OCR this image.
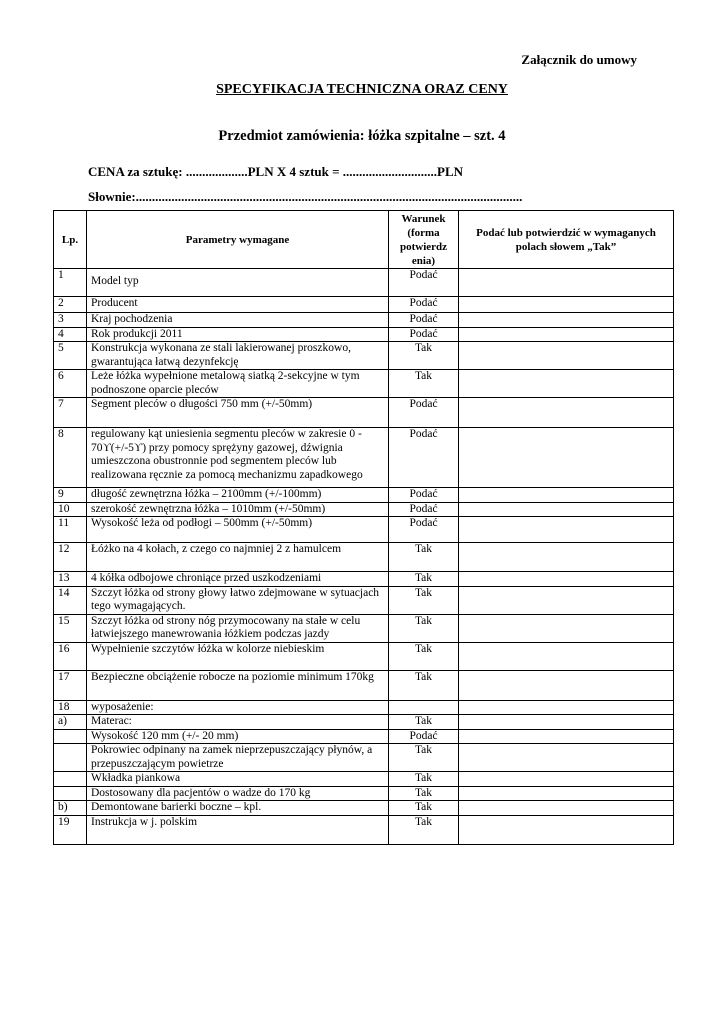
Załącznik do umowy
SPECYFIKACJA TECHNICZNA ORAZ CENY
Przedmiot zamówienia: łóżka szpitalne – szt. 4
CENA za sztukę: ...................PLN X 4 sztuk = .............................PLN
Słownie:.......................................................................................................................
Lp.	Parametry wymagane	Warunek (forma potwierdz enia)	Podać lub potwierdzić w wymaganych polach słowem „Tak”
1	Model typ	Podać	
2	Producent	Podać	
3	Kraj pochodzenia	Podać	
4	Rok produkcji 2011	Podać	
5	Konstrukcja wykonana ze stali lakierowanej proszkowo, gwarantująca łatwą dezynfekcję	Tak	
6	Leże łóżka wypełnione metalową siatką 2-sekcyjne w tym podnoszone oparcie pleców	Tak	
7	Segment pleców o długości 750 mm (+/-50mm)	Podać	
8	regulowany kąt uniesienia segmentu pleców w zakresie 0 - 70ϒ(+/-5ϒ) przy pomocy sprężyny gazowej, dźwignia umieszczona obustronnie pod segmentem pleców lub realizowana ręcznie za pomocą mechanizmu zapadkowego	Podać	
9	długość zewnętrzna łóżka – 2100mm (+/-100mm)	Podać	
10	szerokość zewnętrzna łóżka – 1010mm (+/-50mm)	Podać	
11	Wysokość leża od podłogi – 500mm (+/-50mm)	Podać	
12	Łóżko na 4 kołach, z czego co najmniej 2 z hamulcem	Tak	
13	4 kółka odbojowe chroniące przed uszkodzeniami	Tak	
14	Szczyt łóżka od strony głowy łatwo zdejmowane w sytuacjach tego wymagających.	Tak	
15	Szczyt łóżka od strony nóg przymocowany na stałe w celu łatwiejszego manewrowania łóżkiem podczas jazdy	Tak	
16	Wypełnienie szczytów łóżka w kolorze niebieskim	Tak	
17	Bezpieczne obciążenie robocze na poziomie minimum 170kg	Tak	
18	wyposażenie:		
a)	Materac:	Tak	
	Wysokość 120 mm (+/- 20 mm)	Podać	
	Pokrowiec odpinany na zamek nieprzepuszczający płynów, a przepuszczającym powietrze	Tak	
	Wkładka piankowa	Tak	
	Dostosowany dla pacjentów o wadze do 170 kg	Tak	
b)	Demontowane barierki boczne – kpl.	Tak	
19	Instrukcja w j. polskim	Tak	
